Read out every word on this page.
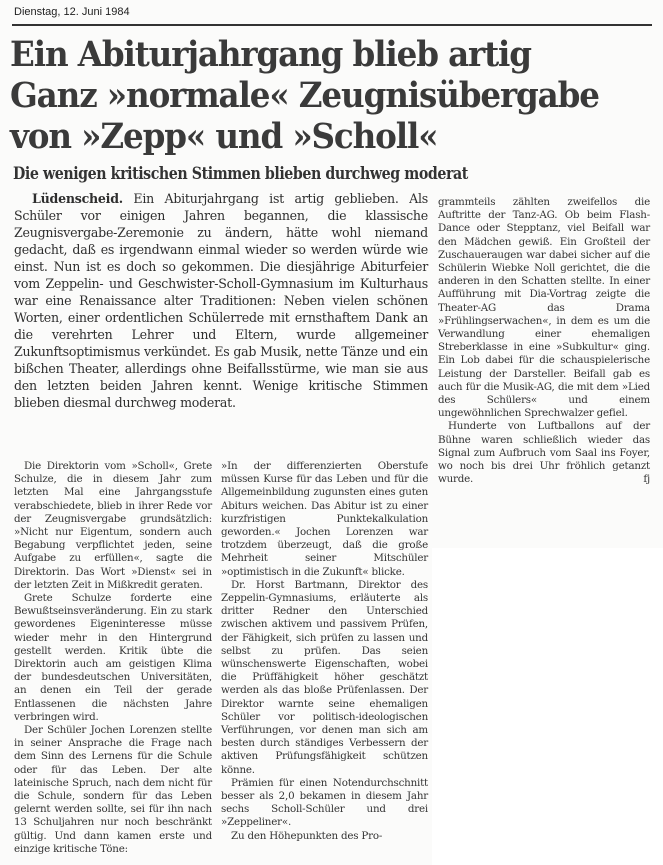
Dienstag, 12. Juni 1984
Ein Abiturjahrgang blieb artig
Ganz »normale« Zeugnisübergabe
von »Zepp« und »Scholl«
Die wenigen kritischen Stimmen blieben durchweg moderat

Lüdenscheid. Ein Abiturjahrgang ist artig geblieben. Als Schüler vor einigen Jahren begannen, die klassische Zeugnisvergabe-Zeremonie zu ändern, hätte wohl niemand gedacht, daß es irgendwann einmal wieder so werden würde wie einst. Nun ist es doch so gekommen. Die diesjährige Abiturfeier vom Zeppelin- und Geschwister-Scholl-Gymnasium im Kulturhaus war eine Renaissance alter Traditionen: Neben vielen schönen Worten, einer ordentlichen Schülerrede mit ernsthaftem Dank an die verehrten Lehrer und Eltern, wurde allgemeiner Zukunftsoptimismus verkündet. Es gab Musik, nette Tänze und ein bißchen Theater, allerdings ohne Beifallsstürme, wie man sie aus den letzten beiden Jahren kennt. Wenige kritische Stimmen blieben diesmal durchweg moderat.

grammteils zählten zweifellos die Auftritte der Tanz-AG. Ob beim Flash-Dance oder Stepptanz, viel Beifall war den Mädchen gewiß. Ein Großteil der Zuschaueraugen war dabei sicher auf die Schülerin Wiebke Noll gerichtet, die die anderen in den Schatten stellte. In einer Aufführung mit Dia-Vortrag zeigte die Theater-AG das Drama »Frühlingserwachen«, in dem es um die Verwandlung einer ehemaligen Streberklasse in eine »Subkultur« ging. Ein Lob dabei für die schauspielerische Leistung der Darsteller. Beifall gab es auch für die Musik-AG, die mit dem »Lied des Schülers« und einem ungewöhnlichen Sprechwalzer gefiel.

Hunderte von Luftballons auf der Bühne waren schließlich wieder das Signal zum Aufbruch vom Saal ins Foyer, wo noch bis drei Uhr fröhlich getanzt wurde.	fj

Die Direktorin vom »Scholl«, Grete Schulze, die in diesem Jahr zum letzten Mal eine Jahrgangsstufe verabschiedete, blieb in ihrer Rede vor der Zeugnisvergabe grundsätzlich: »Nicht nur Eigentum, sondern auch Begabung verpflichtet jeden, seine Aufgabe zu erfüllen«, sagte die Direktorin. Das Wort »Dienst« sei in der letzten Zeit in Mißkredit geraten.

Grete Schulze forderte eine Bewußtseinsveränderung. Ein zu stark gewordenes Eigeninteresse müsse wieder mehr in den Hintergrund gestellt werden. Kritik übte die Direktorin auch am geistigen Klima der bundesdeutschen Universitäten, an denen ein Teil der gerade Entlassenen die nächsten Jahre verbringen wird.

Der Schüler Jochen Lorenzen stellte in seiner Ansprache die Frage nach dem Sinn des Lernens für die Schule oder für das Leben. Der alte lateinische Spruch, nach dem nicht für die Schule, sondern für das Leben gelernt werden sollte, sei für ihn nach 13 Schuljahren nur noch beschränkt gültig. Und dann kamen erste und einzige kritische Töne:

»In der differenzierten Oberstufe müssen Kurse für das Leben und für die Allgemeinbildung zugunsten eines guten Abiturs weichen. Das Abitur ist zu einer kurzfristigen Punktekalkulation geworden.« Jochen Lorenzen war trotzdem überzeugt, daß die große Mehrheit seiner Mitschüler »optimistisch in die Zukunft« blicke.

Dr. Horst Bartmann, Direktor des Zeppelin-Gymnasiums, erläuterte als dritter Redner den Unterschied zwischen aktivem und passivem Prüfen, der Fähigkeit, sich prüfen zu lassen und selbst zu prüfen. Das seien wünschenswerte Eigenschaften, wobei die Prüffähigkeit höher geschätzt werden als das bloße Prüfenlassen. Der Direktor warnte seine ehemaligen Schüler vor politisch-ideologischen Verführungen, vor denen man sich am besten durch ständiges Verbessern der aktiven Prüfungsfähigkeit schützen könne.

Prämien für einen Notendurchschnitt besser als 2,0 bekamen in diesem Jahr sechs Scholl-Schüler und drei »Zeppeliner«.

Zu den Höhepunkten des Pro-
